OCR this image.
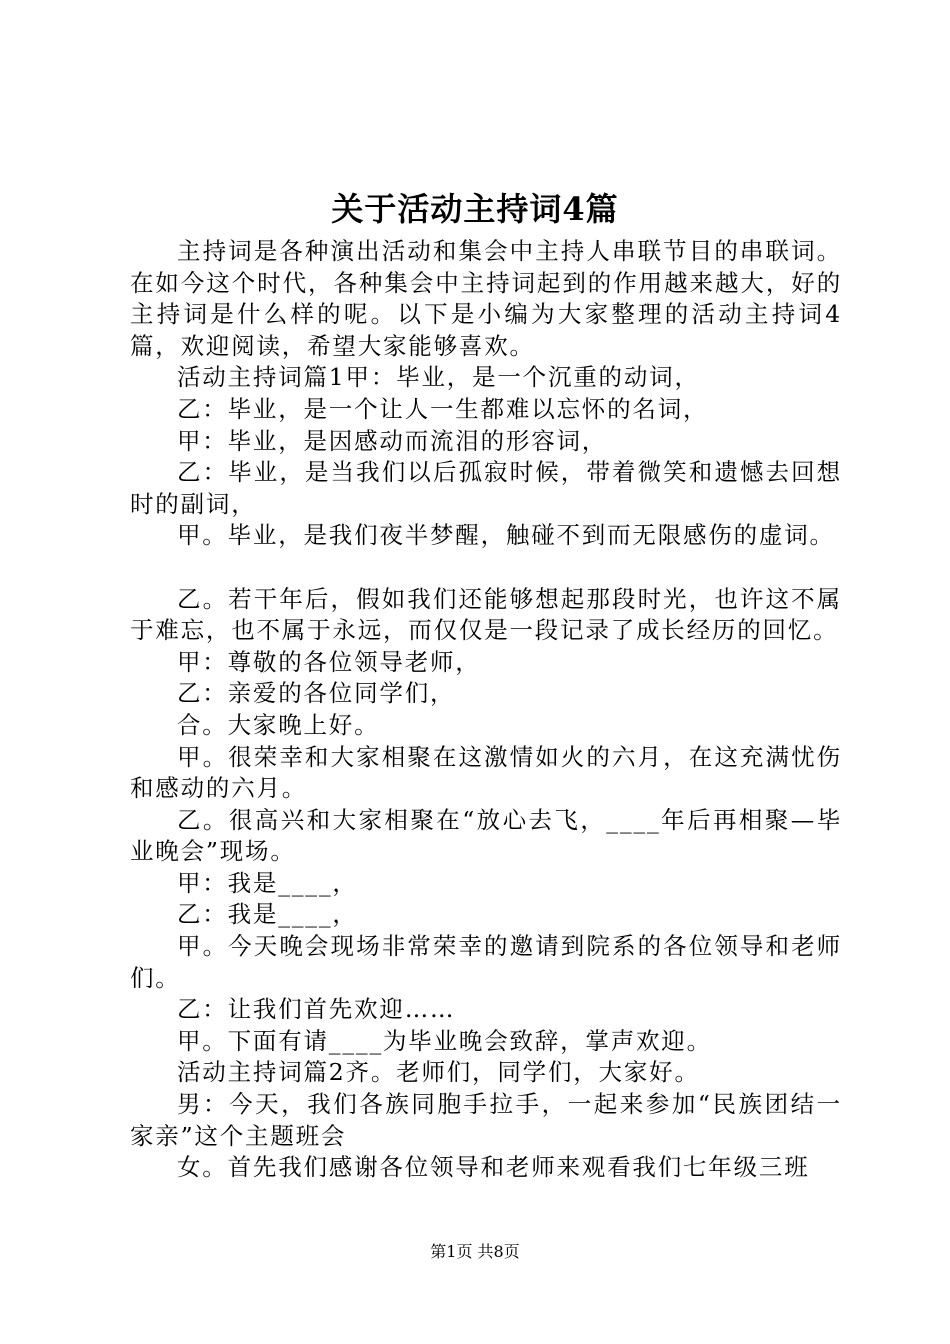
关于活动主持词4篇

主持词是各种演出活动和集会中主持人串联节目的串联词。在如今这个时代，各种集会中主持词起到的作用越来越大，好的主持词是什么样的呢。以下是小编为大家整理的活动主持词4篇，欢迎阅读，希望大家能够喜欢。

活动主持词篇1甲：毕业，是一个沉重的动词，

乙：毕业，是一个让人一生都难以忘怀的名词，

甲：毕业，是因感动而流泪的形容词，

乙：毕业，是当我们以后孤寂时候，带着微笑和遗憾去回想时的副词，

甲。毕业，是我们夜半梦醒，触碰不到而无限感伤的虚词。

乙。若干年后，假如我们还能够想起那段时光，也许这不属于难忘，也不属于永远，而仅仅是一段记录了成长经历的回忆。

甲：尊敬的各位领导老师，

乙：亲爱的各位同学们，

合。大家晚上好。

甲。很荣幸和大家相聚在这激情如火的六月，在这充满忧伤和感动的六月。

乙。很高兴和大家相聚在“放心去飞，____年后再相聚—毕业晚会”现场。

甲：我是____，

乙：我是____，

甲。今天晚会现场非常荣幸的邀请到院系的各位领导和老师们。

乙：让我们首先欢迎……

甲。下面有请____为毕业晚会致辞，掌声欢迎。

活动主持词篇2齐。老师们，同学们，大家好。

男：今天，我们各族同胞手拉手，一起来参加“民族团结一家亲”这个主题班会

女。首先我们感谢各位领导和老师来观看我们七年级三班

第1页 共8页
